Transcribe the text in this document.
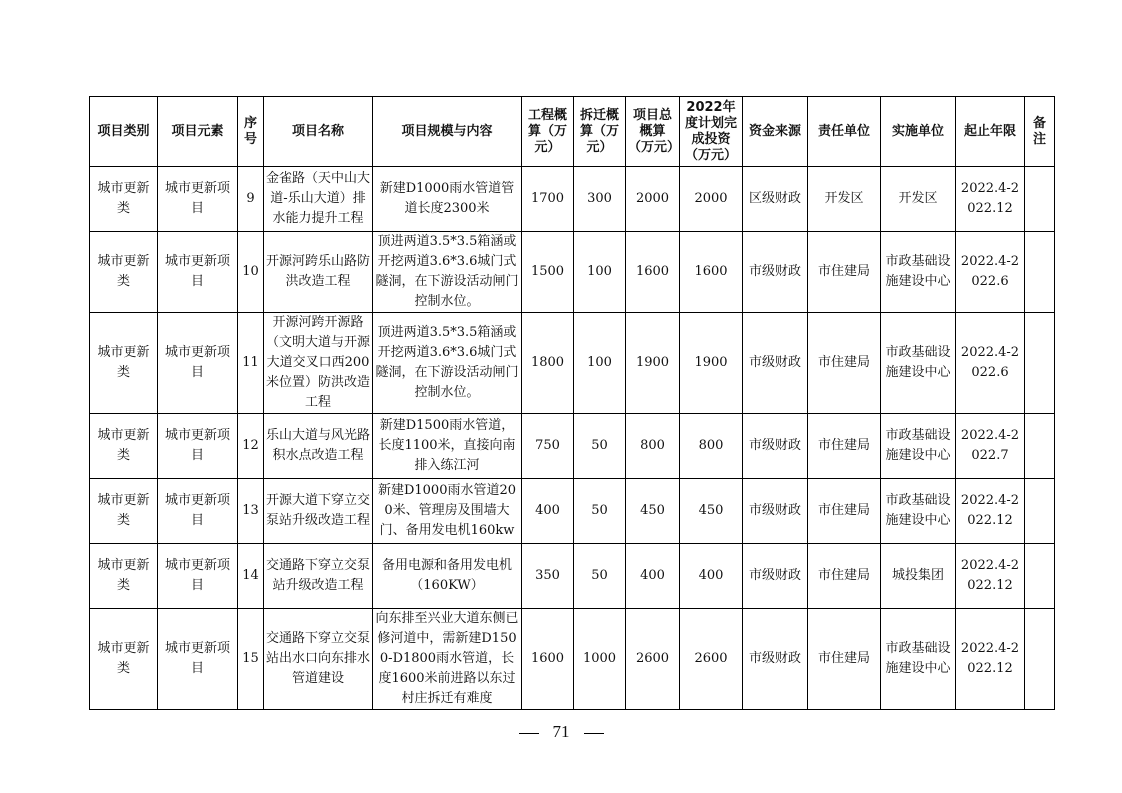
项目类别	项目元素	序号	项目名称	项目规模与内容	工程概算（万元）	拆迁概算（万元）	项目总概算（万元）	2022年度计划完成投资（万元）	资金来源	责任单位	实施单位	起止年限	备注
城市更新类	城市更新项目	9	金雀路（天中山大道-乐山大道）排水能力提升工程	新建D1000雨水管道管道长度2300米	1700	300	2000	2000	区级财政	开发区	开发区	2022.4-2022.12	
城市更新类	城市更新项目	10	开源河跨乐山路防洪改造工程	顶进两道3.5*3.5箱涵或开挖两道3.6*3.6城门式隧洞，在下游设活动闸门控制水位。	1500	100	1600	1600	市级财政	市住建局	市政基础设施建设中心	2022.4-2022.6	
城市更新类	城市更新项目	11	开源河跨开源路（文明大道与开源大道交叉口西200米位置）防洪改造工程	顶进两道3.5*3.5箱涵或开挖两道3.6*3.6城门式隧洞，在下游设活动闸门控制水位。	1800	100	1900	1900	市级财政	市住建局	市政基础设施建设中心	2022.4-2022.6	
城市更新类	城市更新项目	12	乐山大道与风光路积水点改造工程	新建D1500雨水管道，长度1100米，直接向南排入练江河	750	50	800	800	市级财政	市住建局	市政基础设施建设中心	2022.4-2022.7	
城市更新类	城市更新项目	13	开源大道下穿立交泵站升级改造工程	新建D1000雨水管道200米、管理房及围墙大门、备用发电机160kw	400	50	450	450	市级财政	市住建局	市政基础设施建设中心	2022.4-2022.12	
城市更新类	城市更新项目	14	交通路下穿立交泵站升级改造工程	备用电源和备用发电机（160KW）	350	50	400	400	市级财政	市住建局	城投集团	2022.4-2022.12	
城市更新类	城市更新项目	15	交通路下穿立交泵站出水口向东排水管道建设	向东排至兴业大道东侧已修河道中，需新建D1500-D1800雨水管道，长度1600米前进路以东过村庄拆迁有难度	1600	1000	2600	2600	市级财政	市住建局	市政基础设施建设中心	2022.4-2022.12	
71
